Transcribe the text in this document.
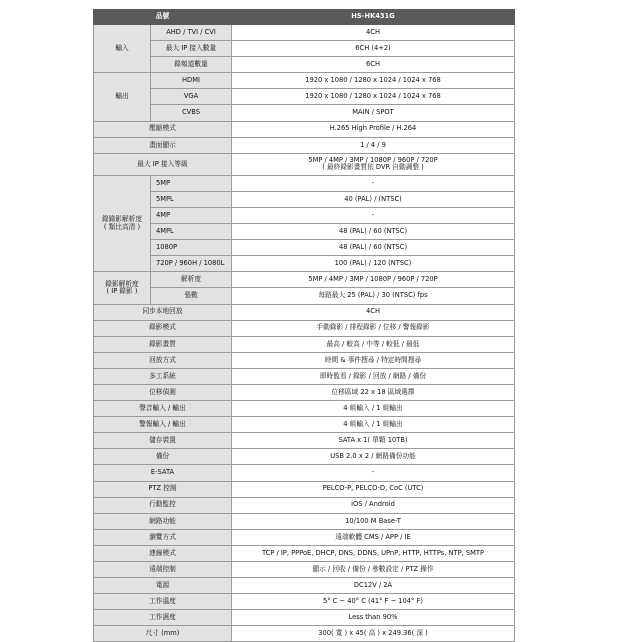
品號		HS-HK431G
輸入	AHD / TVI / CVI	4CH
	最大 IP 接入數量	6CH (4+2)
	錄頻道數量	6CH
輸出	HDMI	1920 x 1080 / 1280 x 1024 / 1024 x 768
	VGA	1920 x 1080 / 1280 x 1024 / 1024 x 768
	CVBS	MAIN / SPOT
壓縮模式		H.265 High Profile / H.264
畫面顯示		1 / 4 / 9
最大 IP 接入等級		5MP / 4MP / 3MP / 1080P / 960P / 720P
( 最終錄影畫質依 DVR 自動調整 )

錄錄影解析度
( 類比高清 )	5MP	-
	5MPL	40 (PAL) / (NTSC)
	4MP	-
	4MPL	48 (PAL) / 60 (NTSC)
	1080P	48 (PAL) / 60 (NTSC)
	720P / 960H / 1080L	100 (PAL) / 120 (NTSC)

錄影解析度
( IP 錄影 )	解析度	5MP / 4MP / 3MP / 1080P / 960P / 720P
	張數	每路最大 25 (PAL) / 30 (NTSC) fps
同步本地回放		4CH
錄影模式		手動錄影 / 排程錄影 / 位移 / 警報錄影
錄影畫質		最高 / 較高 / 中等 / 較低 / 最低
回放方式		時間 & 事件搜尋 / 特定時間搜尋
多工系統		即時監看 / 錄影 / 回放 / 網路 / 備份
位移偵測		位移區域 22 x 18 區域選擇
聲音輸入 / 輸出		4 組輸入 / 1 組輸出
警報輸入 / 輸出		4 組輸入 / 1 組輸出
儲存裝置		SATA x 1( 單顆 10TB)
備份		USB 2.0 x 2 / 網路備份功能
E-SATA		-
PTZ 控制		PELCO-P, PELCO-D, CoC (UTC)
行動監控		iOS / Android
網路功能		10/100 M Base-T
瀏覽方式		遠端軟體 CMS / APP / IE
連線模式		TCP / IP, PPPoE, DHCP, DNS, DDNS, UPnP, HTTP, HTTPs, NTP, SMTP
遠端控制		顯示 / 回收 / 備份 / 參數設定 / PTZ 操作
電源		DC12V / 2A
工作溫度		5° C ~ 40° C (41° F ~ 104° F)
工作濕度		Less than 90%
尺寸 (mm)		300( 寬 ) x 45( 高 ) x 249.36( 深 )
